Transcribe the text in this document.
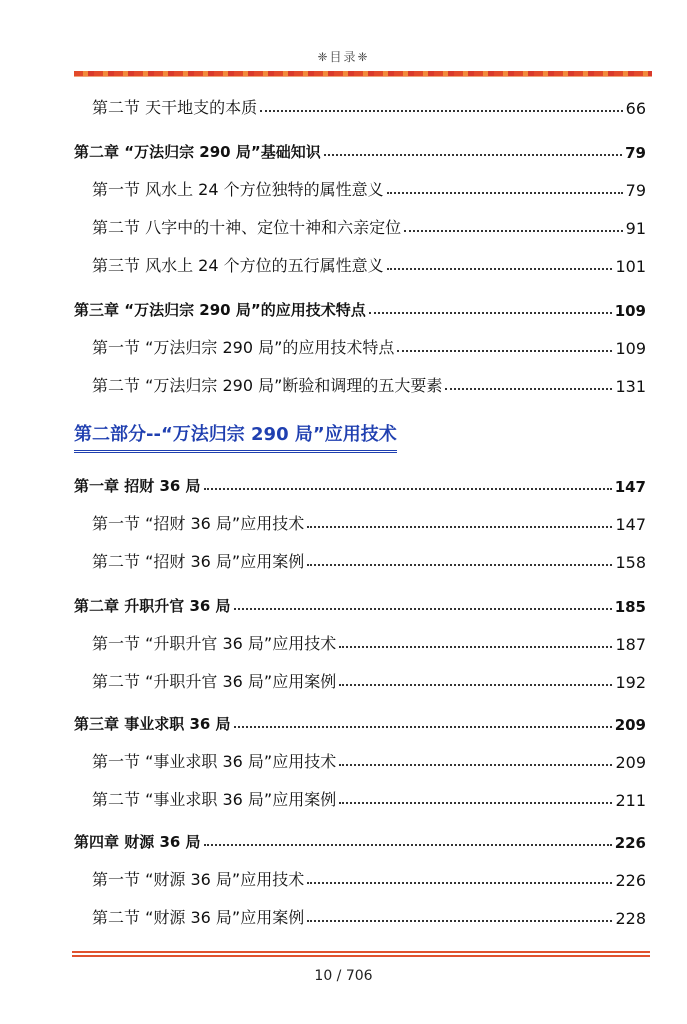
❈目录❈
第二节 天干地支的本质	66
第二章 “万法归宗 290 局”基础知识	79
第一节 风水上 24 个方位独特的属性意义	79
第二节 八字中的十神、定位十神和六亲定位	91
第三节 风水上 24 个方位的五行属性意义	101
第三章 “万法归宗 290 局”的应用技术特点	109
第一节 “万法归宗 290 局”的应用技术特点	109
第二节 “万法归宗 290 局”断验和调理的五大要素	131
第二部分--“万法归宗 290 局”应用技术
第一章 招财 36 局	147
第一节 “招财 36 局”应用技术	147
第二节 “招财 36 局”应用案例	158
第二章 升职升官 36 局	185
第一节 “升职升官 36 局”应用技术	187
第二节 “升职升官 36 局”应用案例	192
第三章 事业求职 36 局	209
第一节 “事业求职 36 局”应用技术	209
第二节 “事业求职 36 局”应用案例	211
第四章 财源 36 局	226
第一节 “财源 36 局”应用技术	226
第二节 “财源 36 局”应用案例	228
10 / 706
